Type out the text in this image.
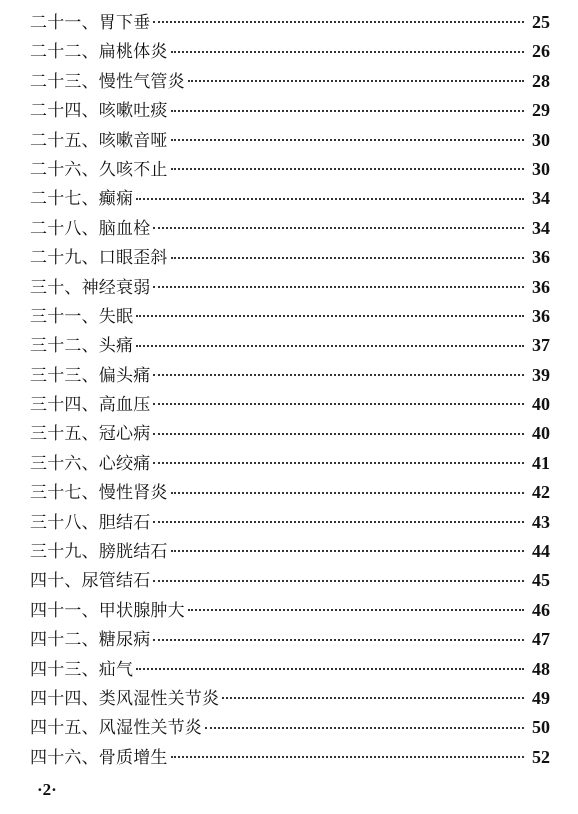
二十一、胃下垂	25
二十二、扁桃体炎	26
二十三、慢性气管炎	28
二十四、咳嗽吐痰	29
二十五、咳嗽音哑	30
二十六、久咳不止	30
二十七、癫痫	34
二十八、脑血栓	34
二十九、口眼歪斜	36
三十、神经衰弱	36
三十一、失眠	36
三十二、头痛	37
三十三、偏头痛	39
三十四、高血压	40
三十五、冠心病	40
三十六、心绞痛	41
三十七、慢性肾炎	42
三十八、胆结石	43
三十九、膀胱结石	44
四十、尿管结石	45
四十一、甲状腺肿大	46
四十二、糖尿病	47
四十三、疝气	48
四十四、类风湿性关节炎	49
四十五、风湿性关节炎	50
四十六、骨质增生	52
·2·
